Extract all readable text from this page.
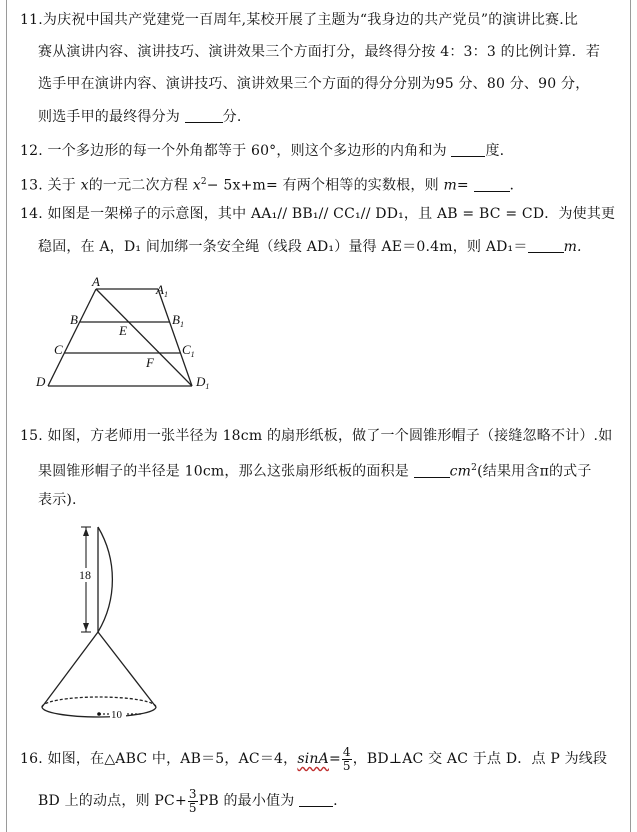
11.为庆祝中国共产党建党一百周年,某校开展了主题为“我身边的共产党员”的演讲比赛.比
赛从演讲内容、演讲技巧、演讲效果三个方面打分，最终得分按 4：3：3 的比例计算．若
选手甲在演讲内容、演讲技巧、演讲效果三个方面的得分分别为95 分、80 分、90 分，
则选手甲的最终得分为	分.
12. 一个多边形的每一个外角都等于 60°，则这个多边形的内角和为	度.
13. 关于 x的一元二次方程 $x^2- 5x+m=$ 有两个相等的实数根，则 m=	.
14. 如图是一架梯子的示意图，其中 AA₁// BB₁// CC₁// DD₁，且 AB = BC = CD．为使其更
稳固，在 A，D₁ 间加绑一条安全绳（线段 AD₁）量得 AE＝0.4m，则 AD₁＝	m.
A
$A_1$
B	$B_1$
E
C	$C_1$
F
D	$D_1$
15. 如图，方老师用一张半径为 18cm 的扇形纸板，做了一个圆锥形帽子（接缝忽略不计）.如
果圆锥形帽子的半径是 10cm，那么这张扇形纸板的面积是	$cm^2$(结果用含π的式子
表示).
18
10
16. 如图，在△ABC 中，AB＝5，AC＝4，$\sin A= \frac{4}{5}$ ，BD⊥AC 交 AC 于点 D．点 P 为线段
BD 上的动点，则 $PC+ \frac{3}{5}$ PB 的最小值为	.
